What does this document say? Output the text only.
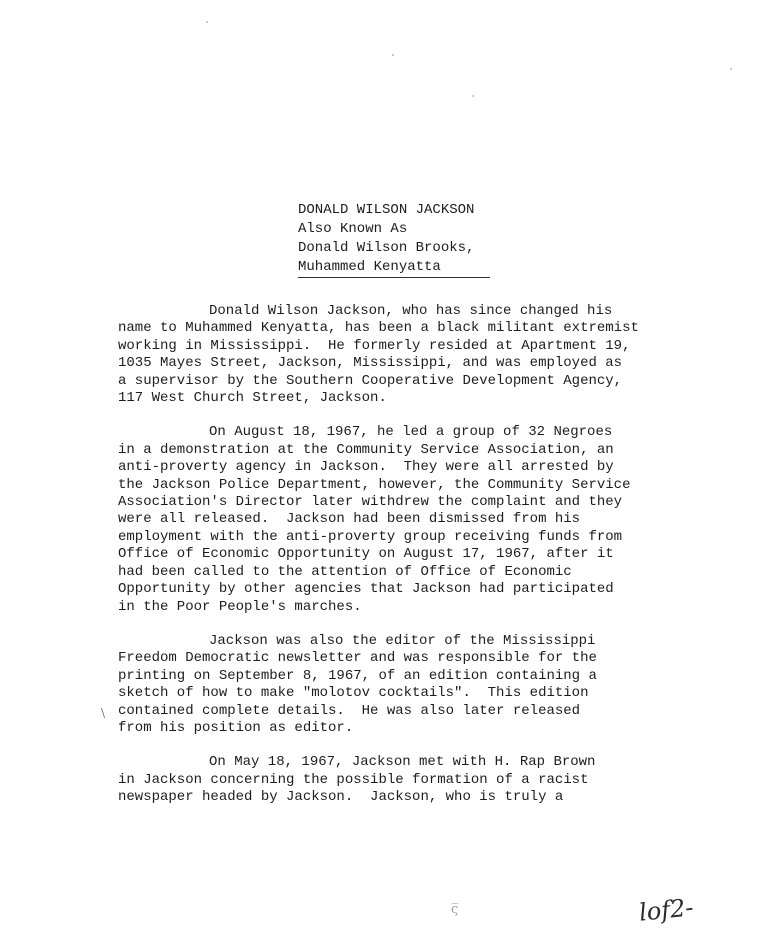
DONALD WILSON JACKSON
Also Known As
Donald Wilson Brooks,
Muhammed Kenyatta
Donald Wilson Jackson, who has since changed his
name to Muhammed Kenyatta, has been a black militant extremist
working in Mississippi.  He formerly resided at Apartment 19,
1035 Mayes Street, Jackson, Mississippi, and was employed as
a supervisor by the Southern Cooperative Development Agency,
117 West Church Street, Jackson.
On August 18, 1967, he led a group of 32 Negroes
in a demonstration at the Community Service Association, an
anti-proverty agency in Jackson.  They were all arrested by
the Jackson Police Department, however, the Community Service
Association's Director later withdrew the complaint and they
were all released.  Jackson had been dismissed from his
employment with the anti-proverty group receiving funds from
Office of Economic Opportunity on August 17, 1967, after it
had been called to the attention of Office of Economic
Opportunity by other agencies that Jackson had participated
in the Poor People's marches.
Jackson was also the editor of the Mississippi
Freedom Democratic newsletter and was responsible for the
printing on September 8, 1967, of an edition containing a
sketch of how to make "molotov cocktails".  This edition
contained complete details.  He was also later released
from his position as editor.
On May 18, 1967, Jackson met with H. Rap Brown
in Jackson concerning the possible formation of a racist
newspaper headed by Jackson.  Jackson, who is truly a
\
ς̅	lof2-
